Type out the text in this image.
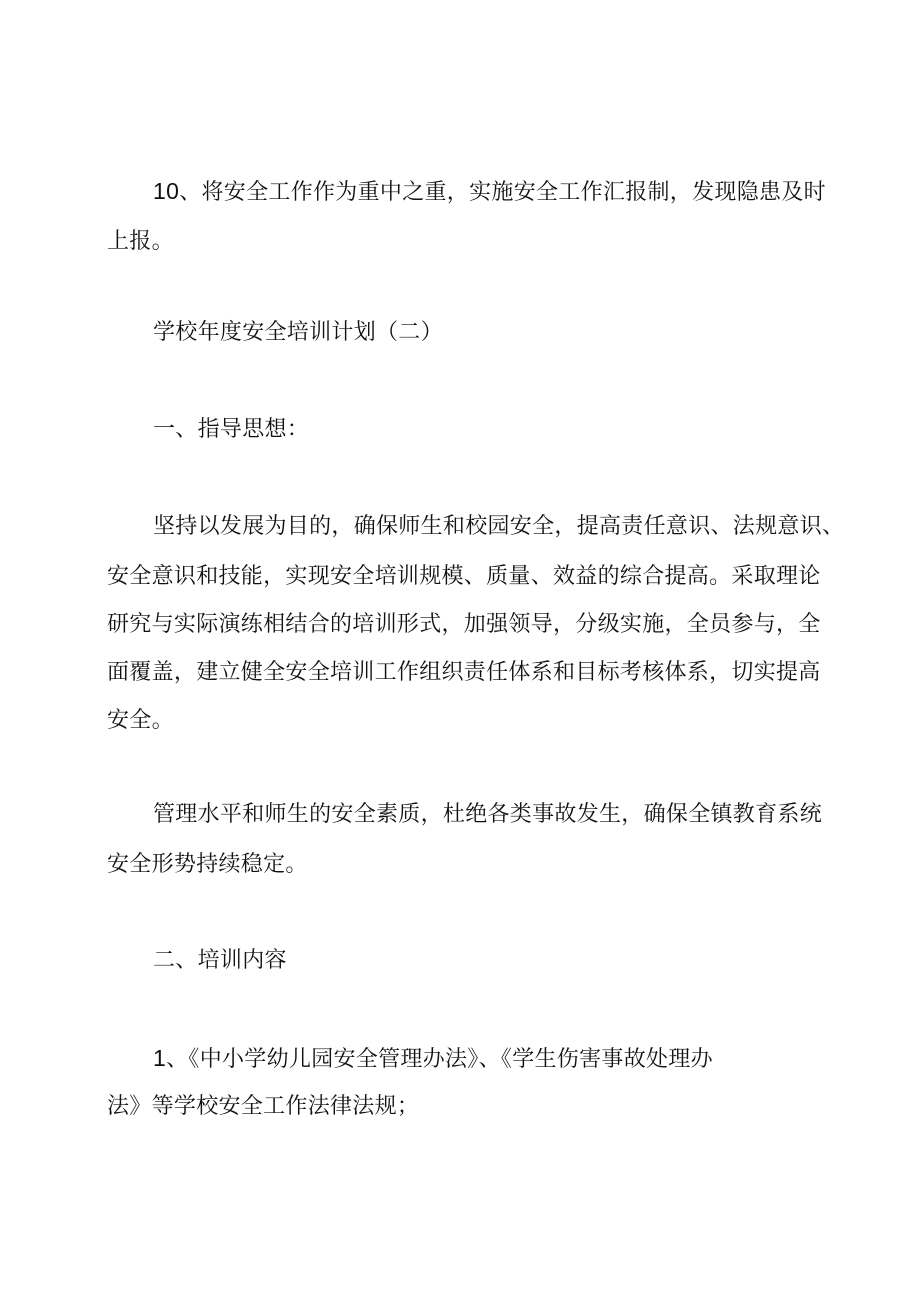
10、将安全工作作为重中之重，实施安全工作汇报制，发现隐患及时
上报。
学校年度安全培训计划（二）
一、指导思想：
坚持以发展为目的，确保师生和校园安全，提高责任意识、法规意识、
安全意识和技能，实现安全培训规模、质量、效益的综合提高。采取理论
研究与实际演练相结合的培训形式，加强领导，分级实施，全员参与，全
面覆盖，建立健全安全培训工作组织责任体系和目标考核体系，切实提高
安全。
管理水平和师生的安全素质，杜绝各类事故发生，确保全镇教育系统
安全形势持续稳定。
二、培训内容
1、《中小学幼儿园安全管理办法》、《学生伤害事故处理办
法》等学校安全工作法律法规；
